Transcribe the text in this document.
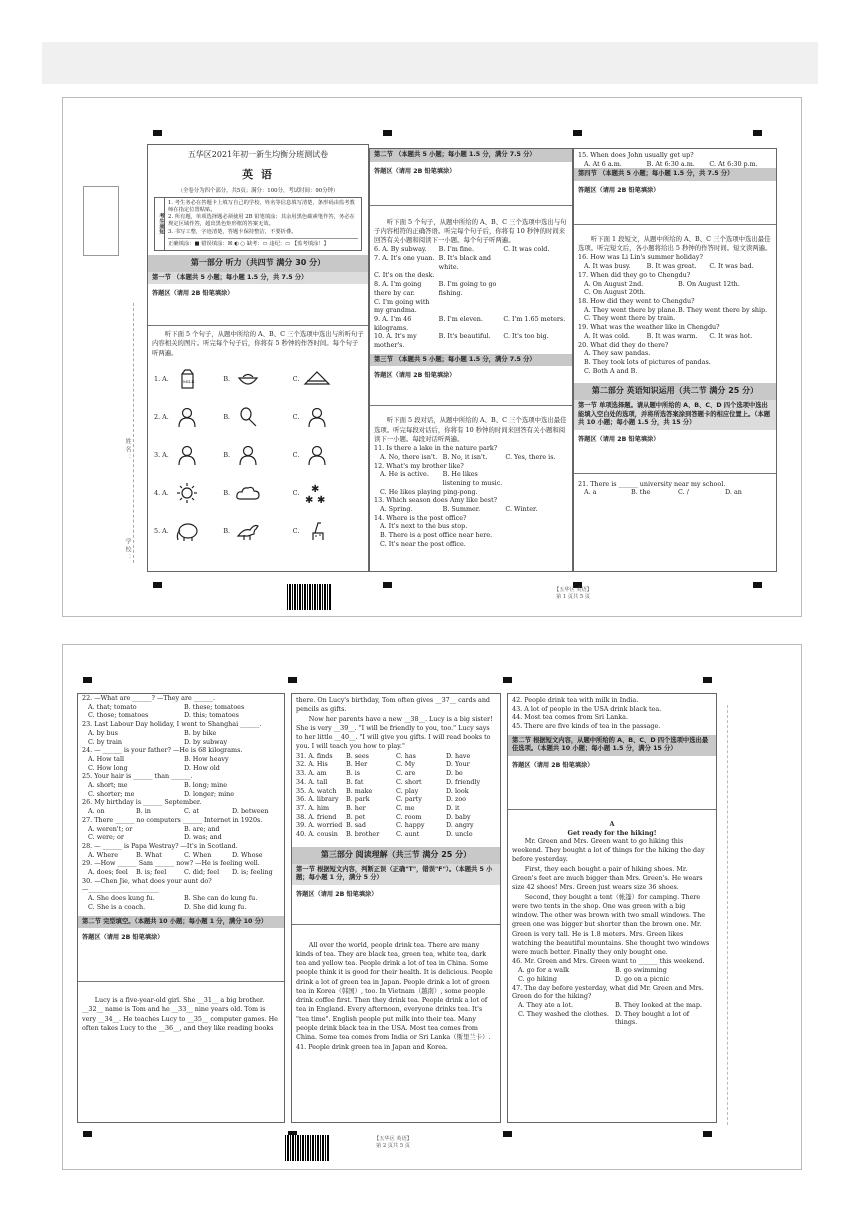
学校：
姓名：
五华区2021年初一新生均衡分班测试卷
英 语
（全卷分为四个部分，共5页；满分：100分，考试时间：90分钟）
考生须知
1. 考生务必在答题卡上填写自己的学校、姓名等信息填写清楚，条形码由监考教师在指定位置粘贴。
2. 所有题，单项选择题必须使用 2B 铅笔填涂；其余用黑色碳素笔作答，务必在规定区域作答，超出黑色矩形框的答案无效。
3. 书写工整，字迹清楚，答题卡保持整洁，不要折叠。
正确填涂：■ 错误填涂：☒ ◐ ○ 缺考：▭ 违纪：▭ 【监考填涂！】
第一部分 听力（共四节 满分 30 分）
第一节 （本题共 5 小题；每小题 1.5 分，共 7.5 分）
答题区（请用 2B 铅笔填涂）
听下面 5 个句子，从题中所给的 A、B、C 三个选项中选出与所听句子内容相关的图片。听完每个句子后，你将有 5 秒钟的作答时间。每个句子听两遍。
1. A.	MILK	B.	C.
2. A.	B.	C.
3. A.	B.	C.
4. A.	B.	C. ✱
✱ ✱
5. A.	B.	C.
第二节 （本题共 5 小题；每小题 1.5 分，满分 7.5 分）
答题区（请用 2B 铅笔填涂）
听下面 5 个句子，从题中所给的 A、B、C 三个选项中选出与句子内容相符的正确答语。听完每个句子后，你将有 10 秒钟的时间来回答有关小题和阅读下一小题。每个句子听两遍。
6. A. By subway.	B. I'm fine.	C. It was cold.
7. A. It's one yuan. B. It's black and white.
C. It's on the desk.
8. A. I'm going there by car.
B. I'm going to go fishing.
C. I'm going with my grandma.
9. A. I'm 46 kilograms.
B. I'm eleven.	C. I'm 1.65 meters.
10. A. It's my mother's.
B. It's beautiful.	C. It's too big.
第三节 （本题共 5 小题；每小题 1.5 分，满分 7.5 分）
答题区（请用 2B 铅笔填涂）
听下面 5 段对话，从题中所给的 A、B、C 三个选项中选出最佳选项。听完每段对话后，你将有 10 秒钟的时间来回答有关小题和阅读下一小题。每段对话听两遍。
11. Is there a lake in the nature park?
A. No, there isn't. B. No, it isn't.	C. Yes, there is.
12. What's my brother like?
A. He is active.	B. He likes listening to music.
C. He likes playing ping-pong.
13. Which season does Amy like best?
A. Spring.	B. Summer.	C. Winter.
14. Where is the post office?
A. It's next to the bus stop.
B. There is a post office near here.
C. It's near the post office.
15. When does John usually get up?
A. At 6 a.m.	B. At 6:30 a.m.	C. At 6:30 p.m.
第四节 （本题共 5 小题；每小题 1.5 分，共 7.5 分）
答题区（请用 2B 铅笔填涂）
听下面 1 段短文，从题中所给的 A、B、C 三个选项中选出最佳选项。听完短文后，各小题将给出 5 秒钟的作答时间。短文读两遍。
16. How was Li Lin's summer holiday?
A. It was busy.	B. It was great.	C. It was bad.
17. When did they go to Chengdu?
A. On August 2nd.	B. On August 12th.
C. On August 20th.
18. How did they went to Chengdu?
A. They went there by plane. B. They went there by ship.
C. They went there by train.
19. What was the weather like in Chengdu?
A. It was cold.	B. It was warm.	C. It was hot.
20. What did they do there?
A. They saw pandas.
B. They took lots of pictures of pandas.
C. Both A and B.
第二部分 英语知识运用（共二节 满分 25 分）
第一节 单项选择题。请从题中所给的 A、B、C、D 四个选项中选出能填入空白处的选项，并将所选答案涂到答题卡的相应位置上。（本题共 10 小题；每小题 1.5 分，共 15 分）
答题区（请用 2B 铅笔填涂）
21. There is ______ university near my school.
A. a	B. the	C. /	D. an
【五华区 英语】
第 1 页共 5 页
22. —What are ______? —They are ______.
A. that; tomato	B. these; tomatoes
C. those; tomatoes	D. this; tomatoes
23. Last Labour Day holiday, I went to Shanghai ______.
A. by bus	B. by bike
C. by train	D. by subway
24. — ______ is your father? —He is 68 kilograms.
A. How tall	B. How heavy
C. How long	D. How old
25. Your hair is ______ than ______.
A. short; me	B. long; mine
C. shorter; me	D. longer; mine
26. My birthday is ______ September.
A. on	B. in	C. at	D. between
27. There ______ no computers ______ Internet in 1920s.
A. weren't; or	B. are; and
C. were; or	D. was; and
28. — ______ is Papa Westray? —It's in Scotland.
A. Where	B. What	C. When	D. Whose
29. —How ______ Sam ______ now? —He is feeling well.
A. does; feel	B. is; feel	C. did; feel	D. is; feeling
30. —Chen Jie, what does your aunt do?
—______________________
A. She does kung fu.	B. She can do kung fu.
C. She is a coach.	D. She did kung fu.
第二节 完型填空。（本题共 10 小题；每小题 1 分，满分 10 分）
答题区（请用 2B 铅笔填涂）
Lucy is a five-year-old girl. She __31__ a big brother. __32__ name is Tom and he __33__ nine years old. Tom is very __34__. He teaches Lucy to __35__ computer games. He often takes Lucy to the __36__, and they like reading books
there. On Lucy's birthday, Tom often gives __37__ cards and pencils as gifts.
Now her parents have a new __38__. Lucy is a big sister! She is very __39__. "I will be friendly to you, too." Lucy says to her little __40__. "I will give you gifts. I will read books to you. I will teach you how to play."
31. A. finds	B. sees	C. has	D. have
32. A. His	B. Her	C. My	D. Your
33. A. am	B. is	C. are	D. be
34. A. tall	B. fat	C. short	D. friendly
35. A. watch	B. make	C. play	D. look
36. A. library	B. park	C. party	D. zoo
37. A. him	B. her	C. me	D. it
38. A. friend	B. pet	C. room	D. baby
39. A. worried B. sad	C. happy	D. angry
40. A. cousin	B. brother	C. aunt	D. uncle
第三部分 阅读理解（共三节 满分 25 分）
第一节 根据短文内容，判断正误（正确"T"，错误"F"）。（本题共 5 小题；每小题 1 分，满分 5 分）
答题区（请用 2B 铅笔填涂）
All over the world, people drink tea. There are many kinds of tea. They are black tea, green tea, white tea, dark tea and yellow tea. People drink a lot of tea in China. Some people think it is good for their health. It is delicious. People drink a lot of green tea in Japan. People drink a lot of green tea in Korea（韩国）, too. In Vietnam（越南）, some people drink coffee first. Then they drink tea. People drink a lot of tea in England. Every afternoon, everyone drinks tea. It's "tea time". English people put milk into their tea. Many people drink black tea in the USA. Most tea comes from China. Some tea comes from India or Sri Lanka（斯里兰卡）.
41. People drink green tea in Japan and Korea.
42. People drink tea with milk in India.
43. A lot of people in the USA drink black tea.
44. Most tea comes from Sri Lanka.
45. There are five kinds of tea in the passage.
第二节 根据短文内容，从题中所给的 A、B、C、D 四个选项中选出最佳选项。（本题共 10 小题；每小题 1.5 分，满分 15 分）
答题区（请用 2B 铅笔填涂）
A
Get ready for the hiking!
Mr. Green and Mrs. Green want to go hiking this weekend. They bought a lot of things for the hiking the day before yesterday.
First, they each bought a pair of hiking shoes. Mr. Green's feet are much bigger than Mrs. Green's. He wears size 42 shoes! Mrs. Green just wears size 36 shoes.
Second, they bought a tent（帐篷）for camping. There were two tents in the shop. One was green with a big window. The other was brown with two small windows. The green one was bigger but shorter than the brown one. Mr. Green is very tall. He is 1.8 meters. Mrs. Green likes watching the beautiful mountains. She thought two windows were much better. Finally they only bought one.
46. Mr. Green and Mrs. Green want to ______ this weekend.
A. go for a walk	B. go swimming
C. go hiking	D. go on a picnic
47. The day before yesterday, what did Mr. Green and Mrs. Green do for the hiking?
A. They ate a lot.	B. They looked at the map.
C. They washed the clothes. D. They bought a lot of things.
【五华区 英语】
第 2 页共 5 页
